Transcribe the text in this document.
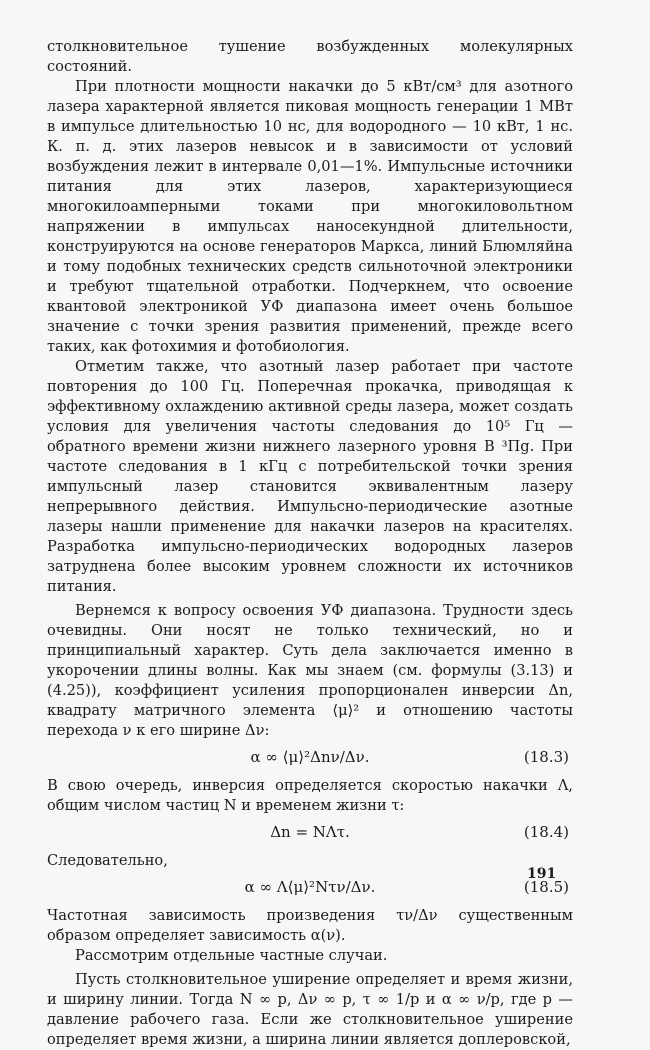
столкновительное тушение возбужденных молекулярных состояний.

При плотности мощности накачки до 5 кВт/см³ для азотного лазера характерной является пиковая мощность генерации 1 МВт в импульсе длительностью 10 нс, для водородного — 10 кВт, 1 нс. К. п. д. этих лазеров невысок и в зависимости от условий возбуждения лежит в интервале 0,01—1%. Импульсные источники питания для этих лазеров, характеризующиеся многокилоамперными токами при многокиловольтном напряжении в импульсах наносекундной длительности, конструируются на основе генераторов Маркса, линий Блюмляйна и тому подобных технических средств сильноточной электроники и требуют тщательной отработки. Подчеркнем, что освоение квантовой электроникой УФ диапазона имеет очень большое значение с точки зрения развития применений, прежде всего таких, как фотохимия и фотобиология.

Отметим также, что азотный лазер работает при частоте повторения до 100 Гц. Поперечная прокачка, приводящая к эффективному охлаждению активной среды лазера, может создать условия для увеличения частоты следования до 10⁵ Гц — обратного времени жизни нижнего лазерного уровня B ³Πg. При частоте следования в 1 кГц с потребительской точки зрения импульсный лазер становится эквивалентным лазеру непрерывного действия. Импульсно-периодические азотные лазеры нашли применение для накачки лазеров на красителях. Разработка импульсно-периодических водородных лазеров затруднена более высоким уровнем сложности их источников питания.

Вернемся к вопросу освоения УФ диапазона. Трудности здесь очевидны. Они носят не только технический, но и принципиальный характер. Суть дела заключается именно в укорочении длины волны. Как мы знаем (см. формулы (3.13) и (4.25)), коэффициент усиления пропорционален инверсии Δn, квадрату матричного элемента ⟨μ⟩² и отношению частоты перехода ν к его ширине Δν:

α ∞ ⟨μ⟩²Δnν/Δν.	(18.3)

В свою очередь, инверсия определяется скоростью накачки Λ, общим числом частиц N и временем жизни τ:

Δn = NΛτ.	(18.4)

Следовательно,

α ∞ Λ⟨μ⟩²Nτν/Δν.	(18.5)

Частотная зависимость произведения τν/Δν существенным образом определяет зависимость α(ν).

Рассмотрим отдельные частные случаи.

Пусть столкновительное уширение определяет и время жизни, и ширину линии. Тогда N ∞ p, Δν ∞ p, τ ∞ 1/p и α ∞ ν/p, где p — давление рабочего газа. Если же столкновительное уширение определяет время жизни, а ширина линии является доплеровской,

191
